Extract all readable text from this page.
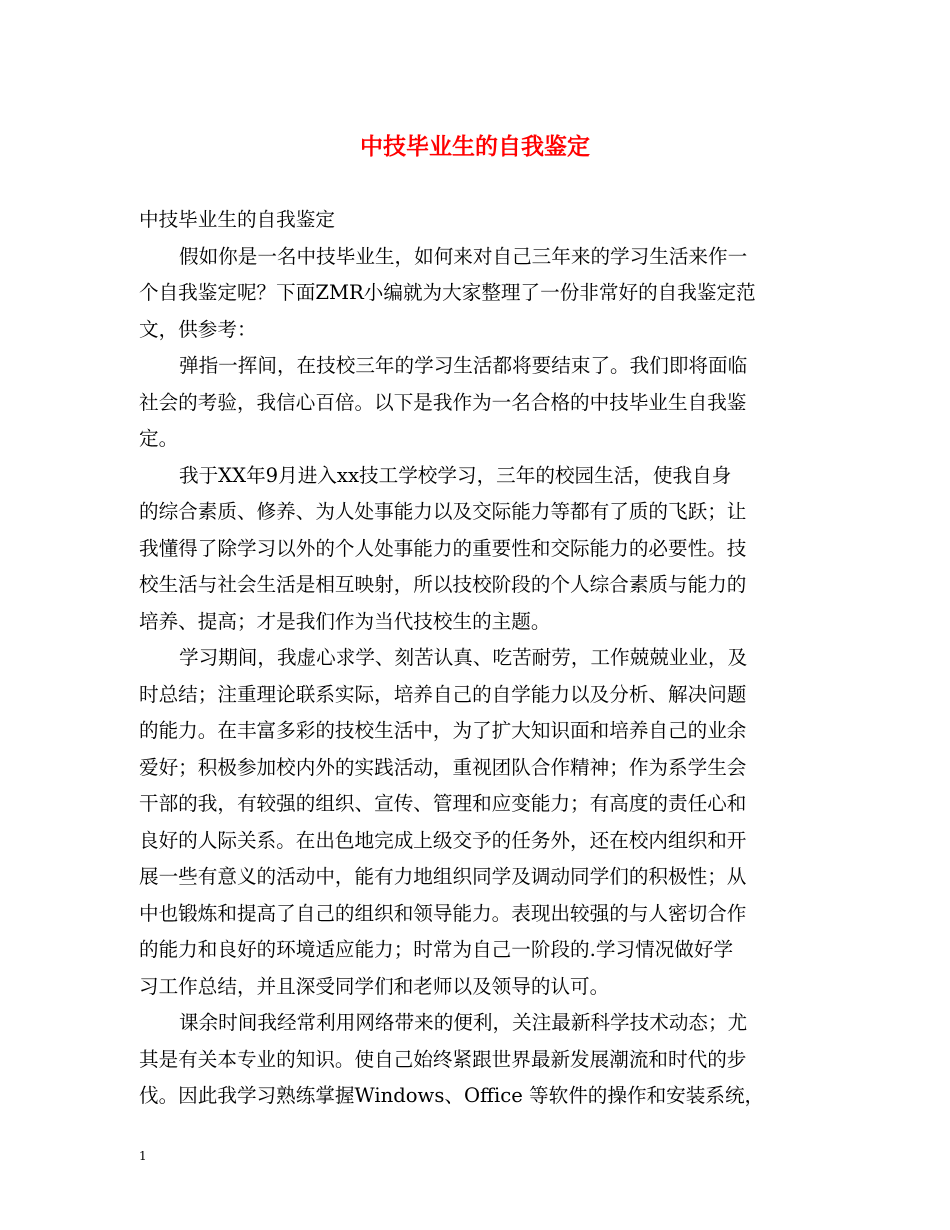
中技毕业生的自我鉴定
中技毕业生的自我鉴定
假如你是一名中技毕业生，如何来对自己三年来的学习生活来作一
个自我鉴定呢？下面ZMR小编就为大家整理了一份非常好的自我鉴定范
文，供参考：
弹指一挥间，在技校三年的学习生活都将要结束了。我们即将面临
社会的考验，我信心百倍。以下是我作为一名合格的中技毕业生自我鉴
定。
我于XX年9月进入xx技工学校学习，三年的校园生活，使我自身
的综合素质、修养、为人处事能力以及交际能力等都有了质的飞跃；让
我懂得了除学习以外的个人处事能力的重要性和交际能力的必要性。技
校生活与社会生活是相互映射，所以技校阶段的个人综合素质与能力的
培养、提高；才是我们作为当代技校生的主题。
学习期间，我虚心求学、刻苦认真、吃苦耐劳，工作兢兢业业，及
时总结；注重理论联系实际，培养自己的自学能力以及分析、解决问题
的能力。在丰富多彩的技校生活中，为了扩大知识面和培养自己的业余
爱好；积极参加校内外的实践活动，重视团队合作精神；作为系学生会
干部的我，有较强的组织、宣传、管理和应变能力；有高度的责任心和
良好的人际关系。在出色地完成上级交予的任务外，还在校内组织和开
展一些有意义的活动中，能有力地组织同学及调动同学们的积极性；从
中也锻炼和提高了自己的组织和领导能力。表现出较强的与人密切合作
的能力和良好的环境适应能力；时常为自己一阶段的.学习情况做好学
习工作总结，并且深受同学们和老师以及领导的认可。
课余时间我经常利用网络带来的便利，关注最新科学技术动态；尤
其是有关本专业的知识。使自己始终紧跟世界最新发展潮流和时代的步
伐。因此我学习熟练掌握Windows、Office 等软件的操作和安装系统，
1
